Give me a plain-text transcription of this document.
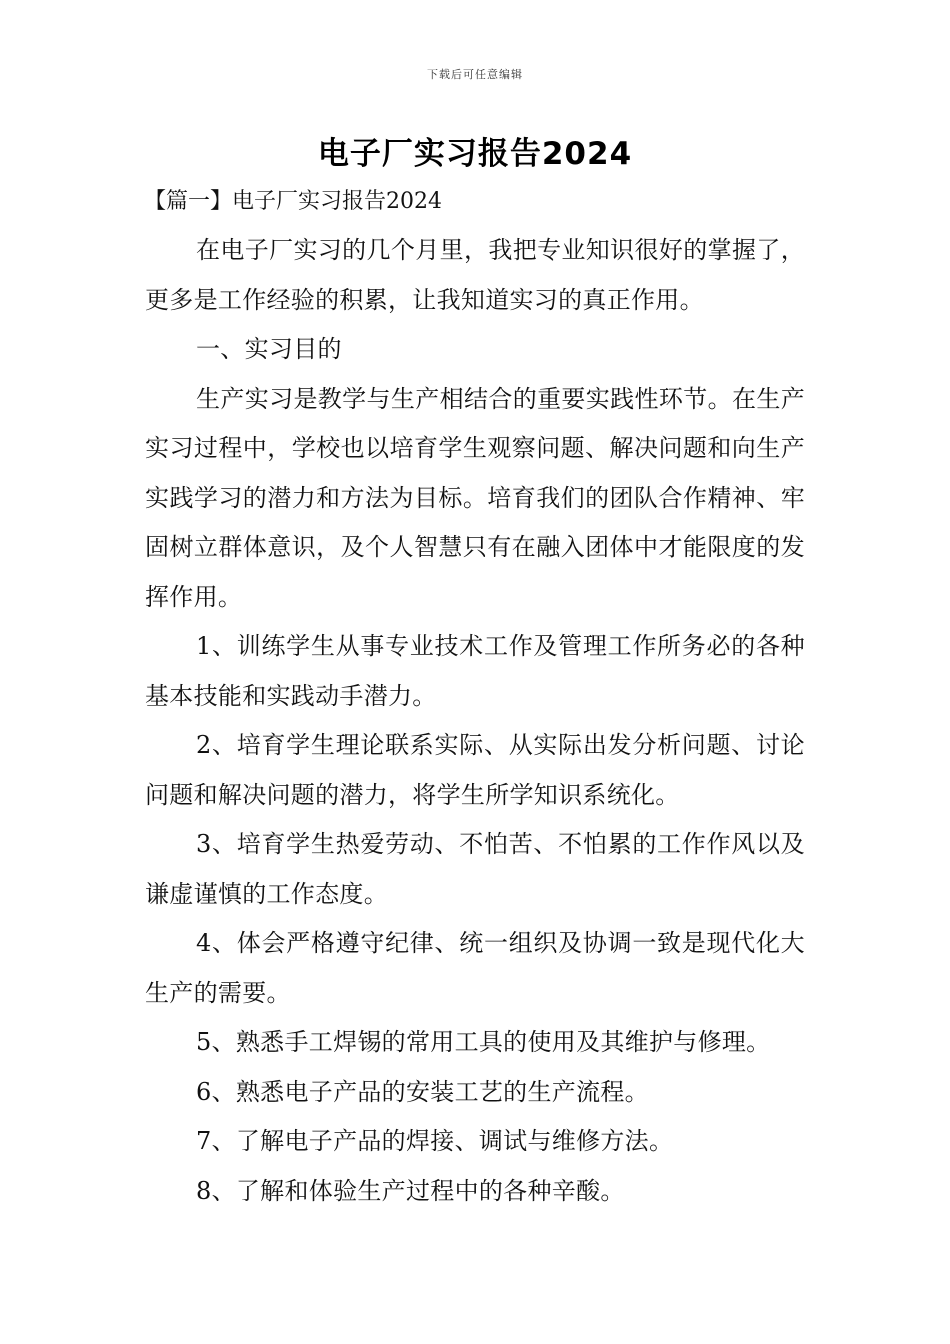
下载后可任意编辑
电子厂实习报告2024
【篇一】电子厂实习报告2024

在电子厂实习的几个月里，我把专业知识很好的掌握了，更多是工作经验的积累，让我知道实习的真正作用。

一、实习目的

生产实习是教学与生产相结合的重要实践性环节。在生产实习过程中，学校也以培育学生观察问题、解决问题和向生产实践学习的潜力和方法为目标。培育我们的团队合作精神、牢固树立群体意识，及个人智慧只有在融入团体中才能限度的发挥作用。

1、训练学生从事专业技术工作及管理工作所务必的各种基本技能和实践动手潜力。

2、培育学生理论联系实际、从实际出发分析问题、讨论问题和解决问题的潜力，将学生所学知识系统化。

3、培育学生热爱劳动、不怕苦、不怕累的工作作风以及谦虚谨慎的工作态度。

4、体会严格遵守纪律、统一组织及协调一致是现代化大生产的需要。

5、熟悉手工焊锡的常用工具的使用及其维护与修理。

6、熟悉电子产品的安装工艺的生产流程。

7、了解电子产品的焊接、调试与维修方法。

8、了解和体验生产过程中的各种辛酸。
